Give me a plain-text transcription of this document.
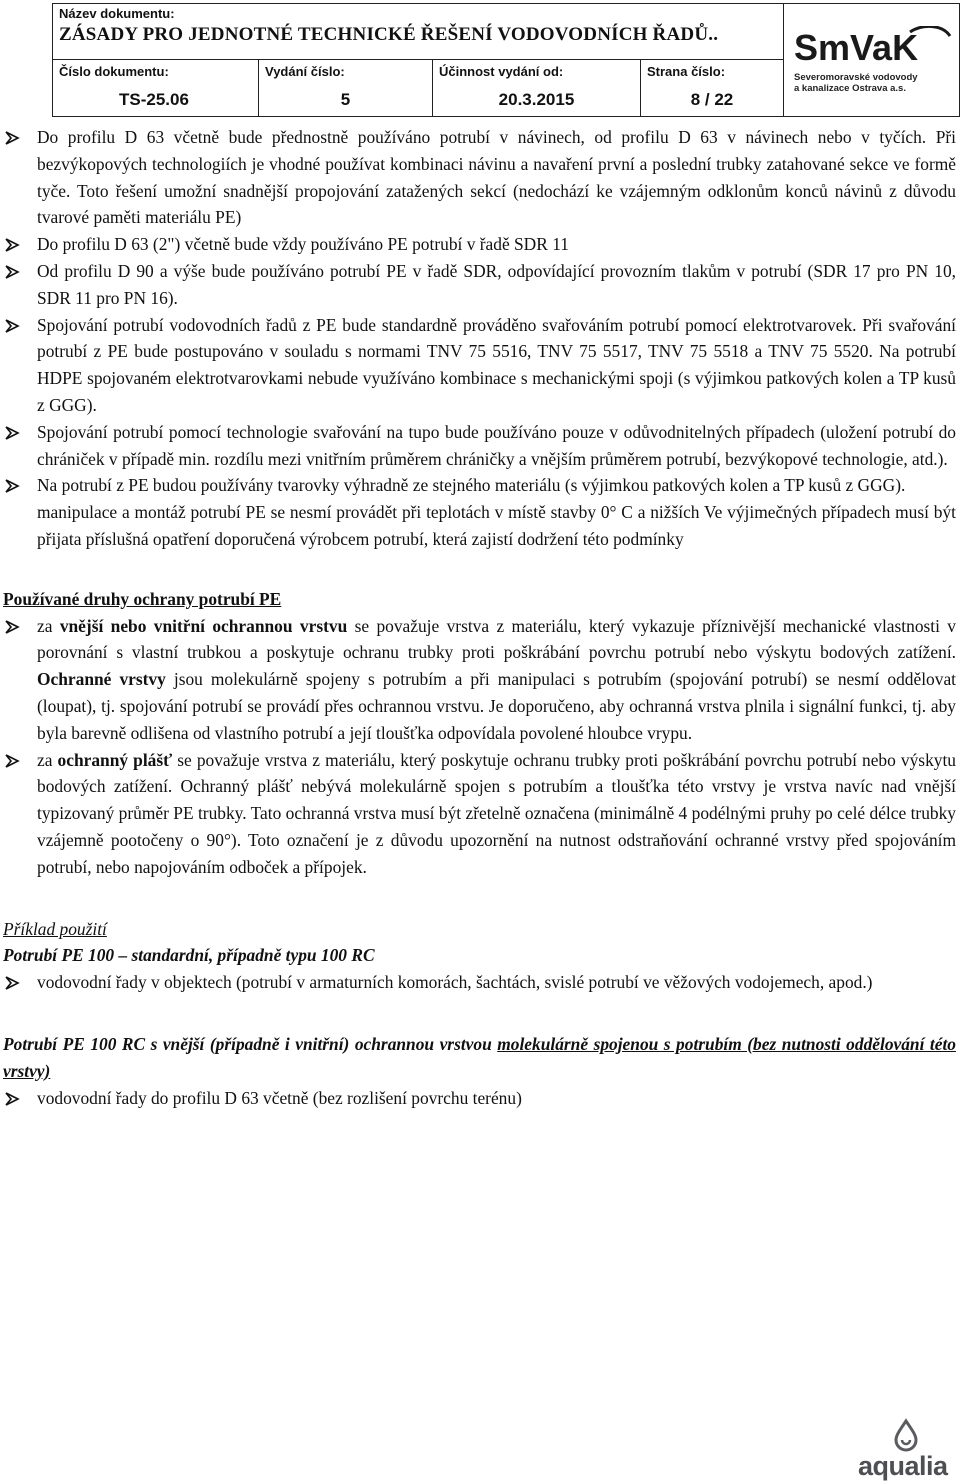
Název dokumentu:
ZÁSADY PRO JEDNOTNÉ TECHNICKÉ ŘEŠENÍ VODOVODNÍCH ŘADŮ..
Číslo dokumentu:
TS-25.06
Vydání číslo:
5
Účinnost vydání od:
20.3.2015
Strana číslo:
8 / 22
SmVaK
Severomoravské vodovody
a kanalizace Ostrava a.s.
Do profilu D 63 včetně bude přednostně používáno potrubí v návinech, od profilu D 63 v návinech nebo v tyčích. Při bezvýkopových technologiích je vhodné používat kombinaci návinu a navaření první a poslední trubky zatahované sekce ve formě tyče. Toto řešení umožní snadnější propojování zatažených sekcí (nedochází ke vzájemným odklonům konců návinů z důvodu tvarové paměti materiálu PE)
Do profilu D 63 (2") včetně bude vždy používáno PE potrubí v řadě SDR 11
Od profilu D 90 a výše bude používáno potrubí PE v řadě SDR, odpovídající provozním tlakům v potrubí (SDR 17 pro PN 10, SDR 11 pro PN 16).
Spojování potrubí vodovodních řadů z PE bude standardně prováděno svařováním potrubí pomocí elektrotvarovek. Při svařování potrubí z PE bude postupováno v souladu s normami TNV 75 5516, TNV 75 5517, TNV 75 5518 a TNV 75 5520. Na potrubí HDPE spojovaném elektrotvarovkami nebude využíváno kombinace s mechanickými spoji (s výjimkou patkových kolen a TP kusů z GGG).
Spojování potrubí pomocí technologie svařování na tupo bude používáno pouze v odůvodnitelných případech (uložení potrubí do chrániček v případě min. rozdílu mezi vnitřním průměrem chráničky a vnějším průměrem potrubí, bezvýkopové technologie, atd.).
Na potrubí z PE budou používány tvarovky výhradně ze stejného materiálu (s výjimkou patkových kolen a TP kusů z GGG).
manipulace a montáž potrubí PE se nesmí provádět při teplotách v místě stavby 0° C a nižších Ve výjimečných případech musí být přijata příslušná opatření doporučená výrobcem potrubí, která zajistí dodržení této podmínky
Používané druhy ochrany potrubí PE
za vnější nebo vnitřní ochrannou vrstvu se považuje vrstva z materiálu, který vykazuje příznivější mechanické vlastnosti v porovnání s vlastní trubkou a poskytuje ochranu trubky proti poškrábání povrchu potrubí nebo výskytu bodových zatížení. Ochranné vrstvy jsou molekulárně spojeny s potrubím a při manipulaci s potrubím (spojování potrubí) se nesmí oddělovat (loupat), tj. spojování potrubí se provádí přes ochrannou vrstvu. Je doporučeno, aby ochranná vrstva plnila i signální funkci, tj. aby byla barevně odlišena od vlastního potrubí a její tloušťka odpovídala povolené hloubce vrypu.
za ochranný plášť se považuje vrstva z materiálu, který poskytuje ochranu trubky proti poškrábání povrchu potrubí nebo výskytu bodových zatížení. Ochranný plášť nebývá molekulárně spojen s potrubím a tloušťka této vrstvy je vrstva navíc nad vnější typizovaný průměr PE trubky. Tato ochranná vrstva musí být zřetelně označena (minimálně 4 podélnými pruhy po celé délce trubky vzájemně pootočeny o 90°). Toto označení je z důvodu upozornění na nutnost odstraňování ochranné vrstvy před spojováním potrubí, nebo napojováním odboček a přípojek.
Příklad použití
Potrubí PE 100 – standardní, případně typu 100 RC
vodovodní řady v objektech (potrubí v armaturních komorách, šachtách, svislé potrubí ve věžových vodojemech, apod.)
Potrubí PE 100 RC s vnější (případně i vnitřní) ochrannou vrstvou molekulárně spojenou s potrubím (bez nutnosti oddělování této vrstvy)
vodovodní řady do profilu D 63 včetně (bez rozlišení povrchu terénu)
aqualia
